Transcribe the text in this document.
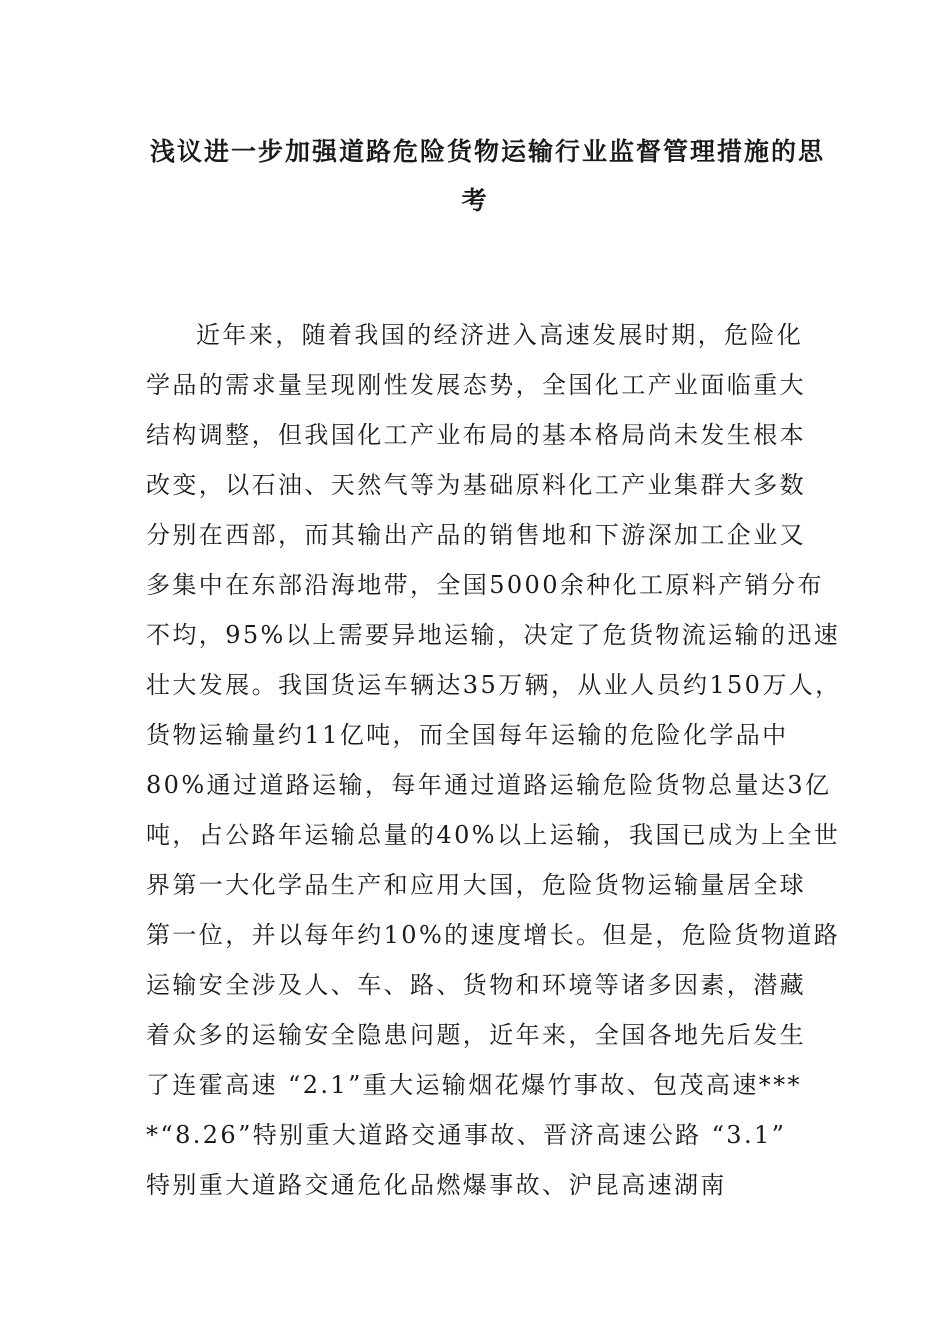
浅议进一步加强道路危险货物运输行业监督管理措施的思
考
近年来，随着我国的经济进入高速发展时期，危险化
学品的需求量呈现刚性发展态势，全国化工产业面临重大
结构调整，但我国化工产业布局的基本格局尚未发生根本
改变，以石油、天然气等为基础原料化工产业集群大多数
分别在西部，而其输出产品的销售地和下游深加工企业又
多集中在东部沿海地带，全国5000余种化工原料产销分布
不均，95%以上需要异地运输，决定了危货物流运输的迅速
壮大发展。我国货运车辆达35万辆，从业人员约150万人，
货物运输量约11亿吨，而全国每年运输的危险化学品中
80%通过道路运输，每年通过道路运输危险货物总量达3亿
吨，占公路年运输总量的40%以上运输，我国已成为上全世
界第一大化学品生产和应用大国，危险货物运输量居全球
第一位，并以每年约10%的速度增长。但是，危险货物道路
运输安全涉及人、车、路、货物和环境等诸多因素，潜藏
着众多的运输安全隐患问题，近年来，全国各地先后发生
了连霍高速 “2.1”重大运输烟花爆竹事故、包茂高速***
*“8.26”特别重大道路交通事故、晋济高速公路 “3.1”
特别重大道路交通危化品燃爆事故、沪昆高速湖南
